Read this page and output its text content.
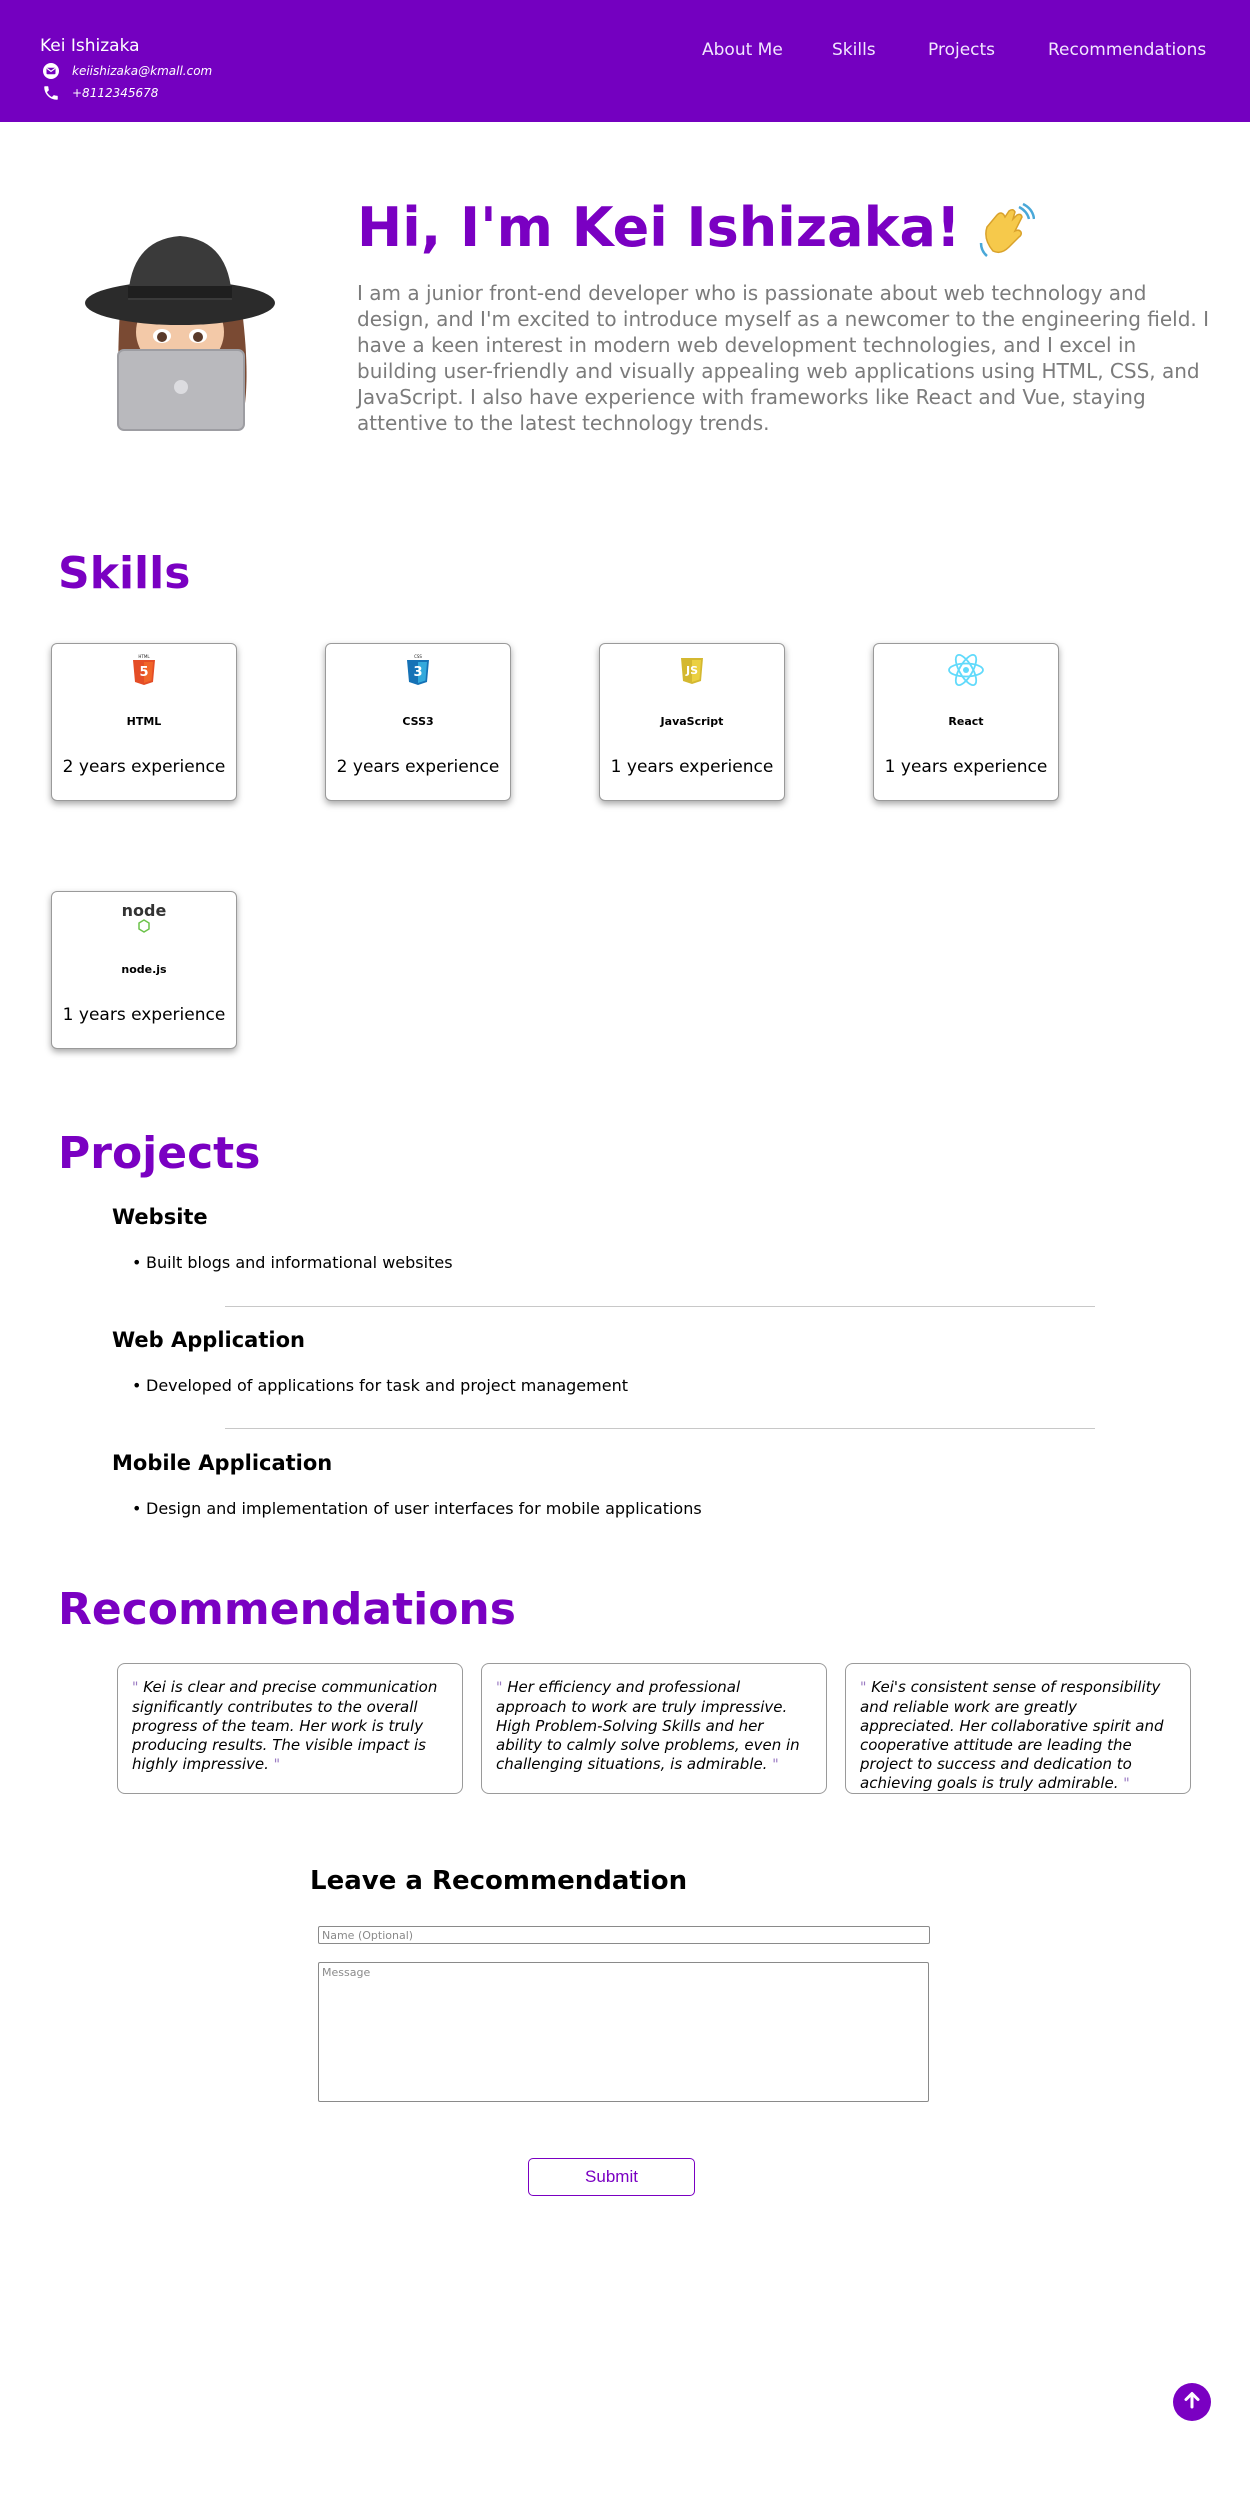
Kei Ishizaka
keiishizaka@kmall.com
+8112345678
About Me	Skills	Projects	Recommendations
Hi, I'm Kei Ishizaka!

I am a junior front-end developer who is passionate about web technology and design, and I'm excited to introduce myself as a newcomer to the engineering field. I have a keen interest in modern web development technologies, and I excel in building user-friendly and visually appealing web applications using HTML, CSS, and JavaScript. I also have experience with frameworks like React and Vue, staying attentive to the latest technology trends.

Skills
HTML
5
HTML
2 years experience
CSS
3
CSS3
2 years experience
JS
JavaScript
1 years experience
React
1 years experience
node
node.js
1 years experience
Projects
Website

• Built blogs and informational websites

Web Application

• Developed of applications for task and project management

Mobile Application

• Design and implementation of user interfaces for mobile applications

Recommendations
" Kei is clear and precise communication significantly contributes to the overall progress of the team. Her work is truly producing results. The visible impact is highly impressive. "
" Her efficiency and professional approach to work are truly impressive. High Problem-Solving Skills and her ability to calmly solve problems, even in challenging situations, is admirable. "
" Kei's consistent sense of responsibility and reliable work are greatly appreciated. Her collaborative spirit and cooperative attitude are leading the project to success and dedication to achieving goals is truly admirable. "
Leave a Recommendation
Name (Optional)
Message
Submit
